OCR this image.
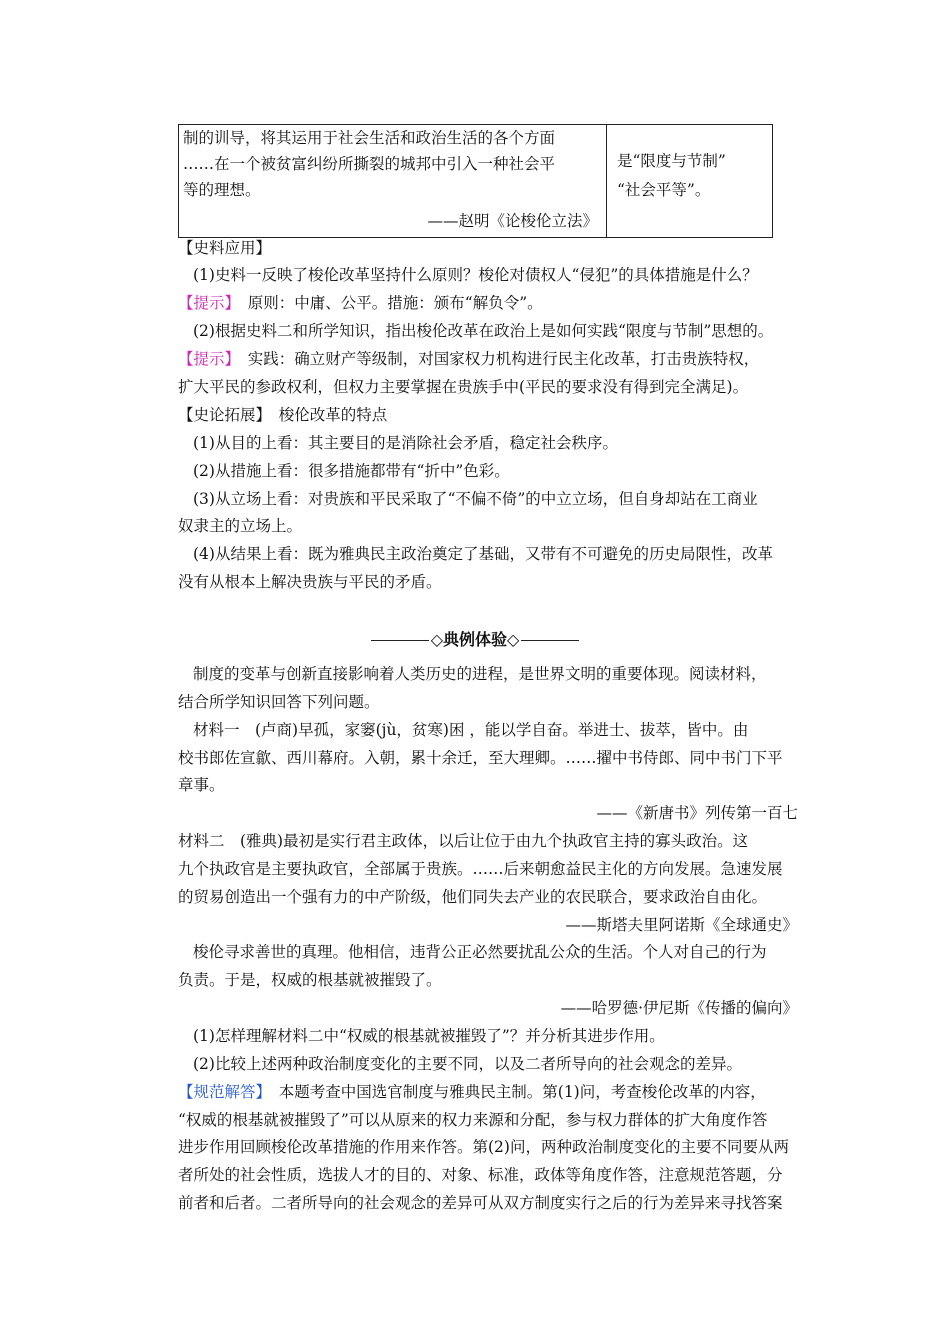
制的训导，将其运用于社会生活和政治生活的各个方面
……在一个被贫富纠纷所撕裂的城邦中引入一种社会平
等的理想。
——赵明《论梭伦立法》
是“限度与节制”
“社会平等”。
【史料应用】
(1)史料一反映了梭伦改革坚持什么原则？梭伦对债权人“侵犯”的具体措施是什么？
【提示】　原则：中庸、公平。措施：颁布“解负令”。
(2)根据史料二和所学知识，指出梭伦改革在政治上是如何实践“限度与节制”思想的。
【提示】　实践：确立财产等级制，对国家权力机构进行民主化改革，打击贵族特权，
扩大平民的参政权利，但权力主要掌握在贵族手中(平民的要求没有得到完全满足)。
【史论拓展】　梭伦改革的特点
(1)从目的上看：其主要目的是消除社会矛盾，稳定社会秩序。
(2)从措施上看：很多措施都带有“折中”色彩。
(3)从立场上看：对贵族和平民采取了“不偏不倚”的中立立场，但自身却站在工商业
奴隶主的立场上。
(4)从结果上看：既为雅典民主政治奠定了基础，又带有不可避免的历史局限性，改革
没有从根本上解决贵族与平民的矛盾。
◇典例体验◇
制度的变革与创新直接影响着人类历史的进程，是世界文明的重要体现。阅读材料，
结合所学知识回答下列问题。
材料一　(卢商)早孤，家窭(jù，贫寒)困 ，能以学自奋。举进士、拔萃，皆中。由
校书郎佐宣歙、西川幕府。入朝，累十余迁，至大理卿。……擢中书侍郎、同中书门下平
章事。
——《新唐书》列传第一百七
材料二　(雅典)最初是实行君主政体，以后让位于由九个执政官主持的寡头政治。这
九个执政官是主要执政官，全部属于贵族。……后来朝愈益民主化的方向发展。急速发展
的贸易创造出一个强有力的中产阶级，他们同失去产业的农民联合，要求政治自由化。
——斯塔夫里阿诺斯《全球通史》
梭伦寻求善世的真理。他相信，违背公正必然要扰乱公众的生活。个人对自己的行为
负责。于是，权威的根基就被摧毁了。
——哈罗德·伊尼斯《传播的偏向》
(1)怎样理解材料二中“权威的根基就被摧毁了”？并分析其进步作用。
(2)比较上述两种政治制度变化的主要不同，以及二者所导向的社会观念的差异。
【规范解答】　本题考查中国选官制度与雅典民主制。第(1)问，考查梭伦改革的内容，
“权威的根基就被摧毁了”可以从原来的权力来源和分配，参与权力群体的扩大角度作答
进步作用回顾梭伦改革措施的作用来作答。第(2)问，两种政治制度变化的主要不同要从两
者所处的社会性质，选拔人才的目的、对象、标准，政体等角度作答，注意规范答题，分
前者和后者。二者所导向的社会观念的差异可从双方制度实行之后的行为差异来寻找答案
